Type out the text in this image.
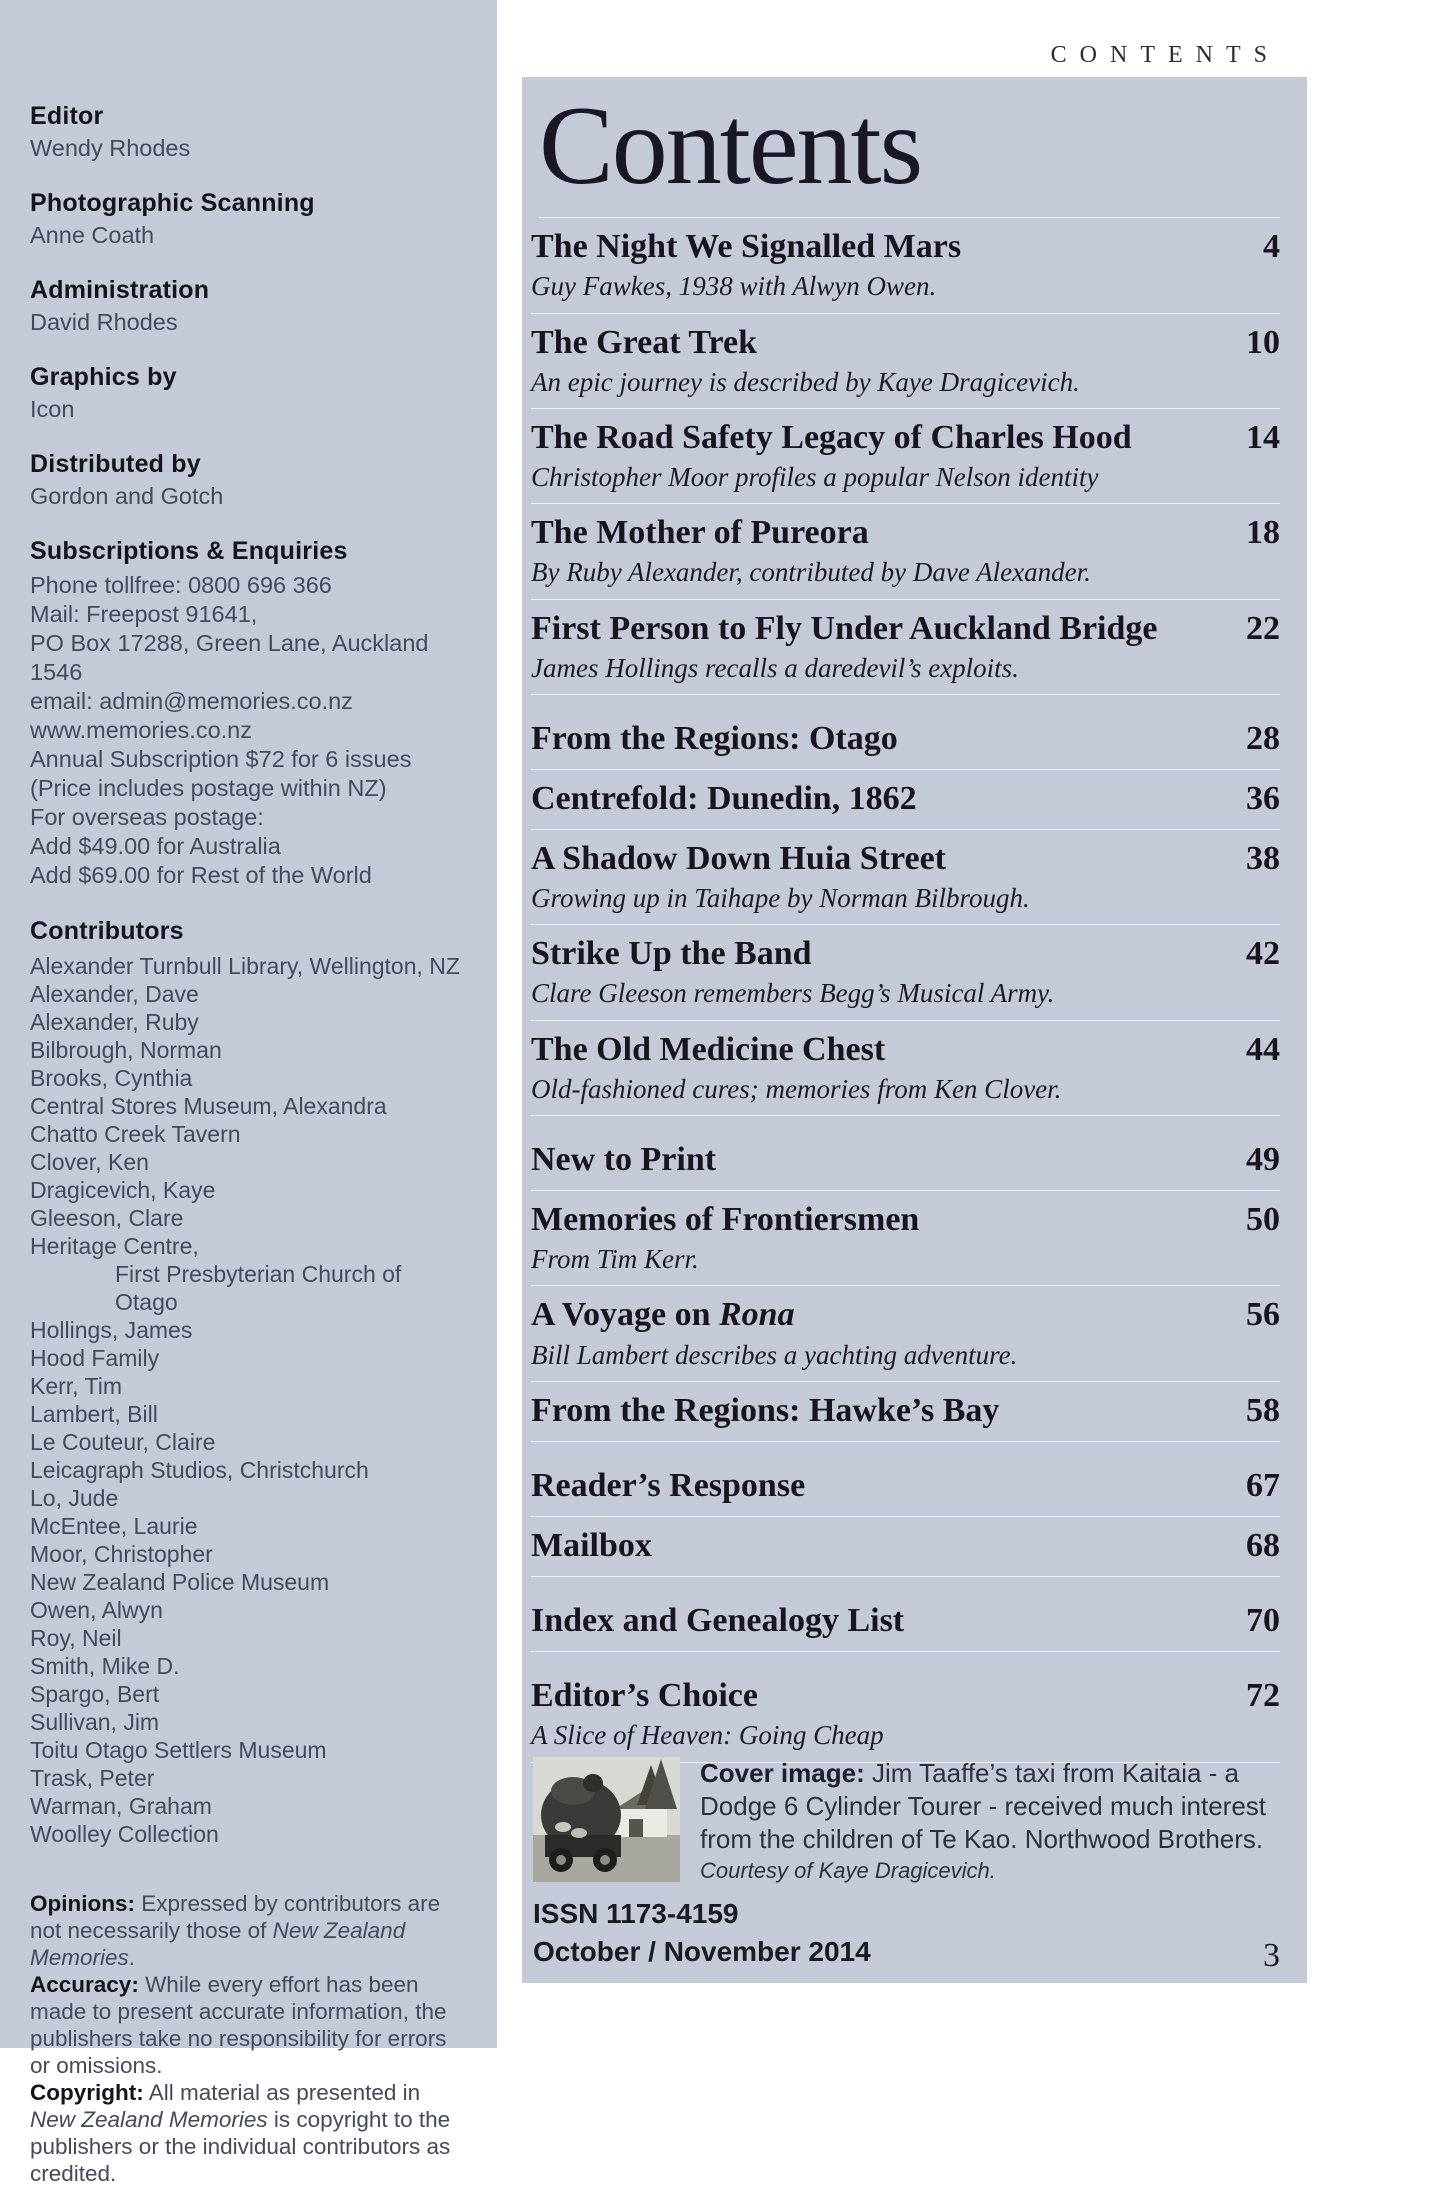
Editor
Wendy Rhodes
Photographic Scanning
Anne Coath
Administration
David Rhodes
Graphics by
Icon
Distributed by
Gordon and Gotch
Subscriptions & Enquiries
Phone tollfree: 0800 696 366
Mail: Freepost 91641,
PO Box 17288, Green Lane, Auckland 1546
email: admin@memories.co.nz
www.memories.co.nz
Annual Subscription $72 for 6 issues
(Price includes postage within NZ)
For overseas postage:
Add $49.00 for Australia
Add $69.00 for Rest of the World
Contributors
Alexander Turnbull Library, Wellington, NZ
Alexander, Dave
Alexander, Ruby
Bilbrough, Norman
Brooks, Cynthia
Central Stores Museum, Alexandra
Chatto Creek Tavern
Clover, Ken
Dragicevich, Kaye
Gleeson, Clare
Heritage Centre,
First Presbyterian Church of Otago
Hollings, James
Hood Family
Kerr, Tim
Lambert, Bill
Le Couteur, Claire
Leicagraph Studios, Christchurch
Lo, Jude
McEntee, Laurie
Moor, Christopher
New Zealand Police Museum
Owen, Alwyn
Roy, Neil
Smith, Mike D.
Spargo, Bert
Sullivan, Jim
Toitu Otago Settlers Museum
Trask, Peter
Warman, Graham
Woolley Collection

Opinions: Expressed by contributors are not necessarily those of New Zealand Memories.

Accuracy: While every effort has been made to present accurate information, the publishers take no responsibility for errors or omissions.

Copyright: All material as presented in New Zealand Memories is copyright to the publishers or the individual contributors as credited.

CONTENTS
Contents
The Night We Signalled Mars	4
Guy Fawkes, 1938 with Alwyn Owen.
The Great Trek	10
An epic journey is described by Kaye Dragicevich.
The Road Safety Legacy of Charles Hood	14
Christopher Moor profiles a popular Nelson identity
The Mother of Pureora	18
By Ruby Alexander, contributed by Dave Alexander.
First Person to Fly Under Auckland Bridge	22
James Hollings recalls a daredevil’s exploits.
From the Regions: Otago	28
Centrefold: Dunedin, 1862	36
A Shadow Down Huia Street	38
Growing up in Taihape by Norman Bilbrough.
Strike Up the Band	42
Clare Gleeson remembers Begg’s Musical Army.
The Old Medicine Chest	44
Old-fashioned cures; memories from Ken Clover.
New to Print	49
Memories of Frontiersmen	50
From Tim Kerr.
A Voyage on Rona	56
Bill Lambert describes a yachting adventure.
From the Regions: Hawke’s Bay	58
Reader’s Response	67
Mailbox	68
Index and Genealogy List	70
Editor’s Choice	72
A Slice of Heaven: Going Cheap
Cover image: Jim Taaffe’s taxi from Kaitaia - a Dodge 6 Cylinder Tourer - received much interest from the children of Te Kao. Northwood Brothers.
Courtesy of Kaye Dragicevich.
ISSN 1173-4159
October / November 2014	3
